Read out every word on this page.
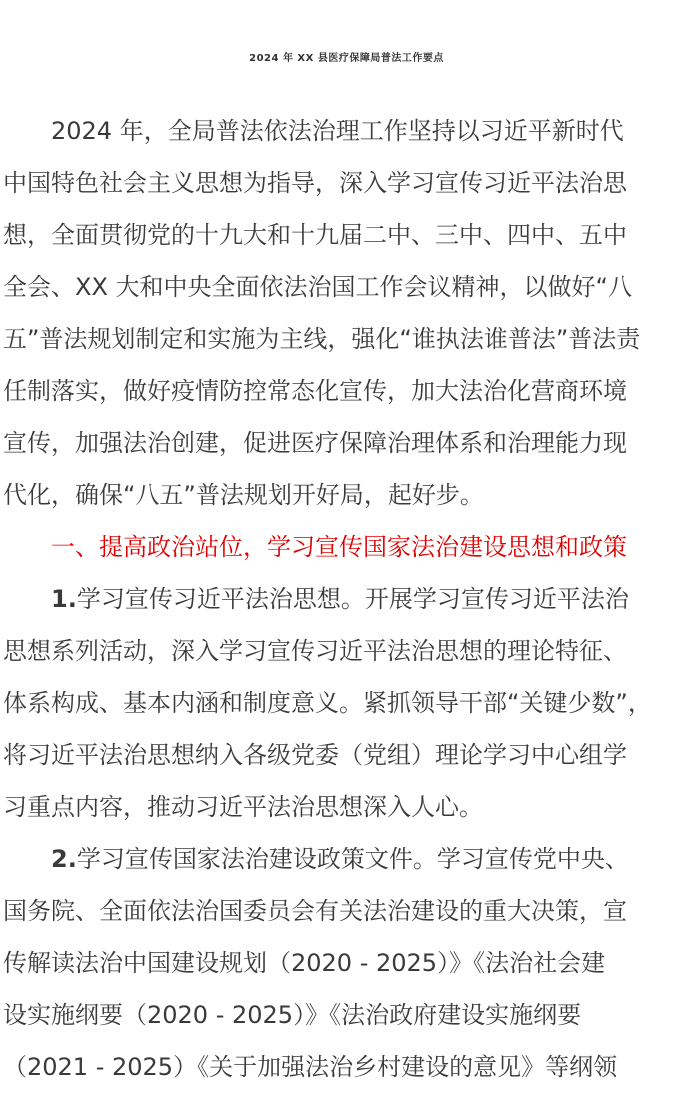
2024 年 XX 县医疗保障局普法工作要点
　　2024 年，全局普法依法治理工作坚持以习近平新时代
中国特色社会主义思想为指导，深入学习宣传习近平法治思
想，全面贯彻党的十九大和十九届二中、三中、四中、五中
全会、XX 大和中央全面依法治国工作会议精神，以做好“八
五”普法规划制定和实施为主线，强化“谁执法谁普法”普法责
任制落实，做好疫情防控常态化宣传，加大法治化营商环境
宣传，加强法治创建，促进医疗保障治理体系和治理能力现
代化，确保“八五”普法规划开好局，起好步。
　　一、提高政治站位，学习宣传国家法治建设思想和政策
　　1.学习宣传习近平法治思想。开展学习宣传习近平法治
思想系列活动，深入学习宣传习近平法治思想的理论特征、
体系构成、基本内涵和制度意义。紧抓领导干部“关键少数”，
将习近平法治思想纳入各级党委（党组）理论学习中心组学
习重点内容，推动习近平法治思想深入人心。
　　2.学习宣传国家法治建设政策文件。学习宣传党中央、
国务院、全面依法治国委员会有关法治建设的重大决策，宣
传解读法治中国建设规划（2020 - 2025）》《法治社会建
设实施纲要（2020 - 2025）》《法治政府建设实施纲要
（2021 - 2025）《关于加强法治乡村建设的意见》等纲领
